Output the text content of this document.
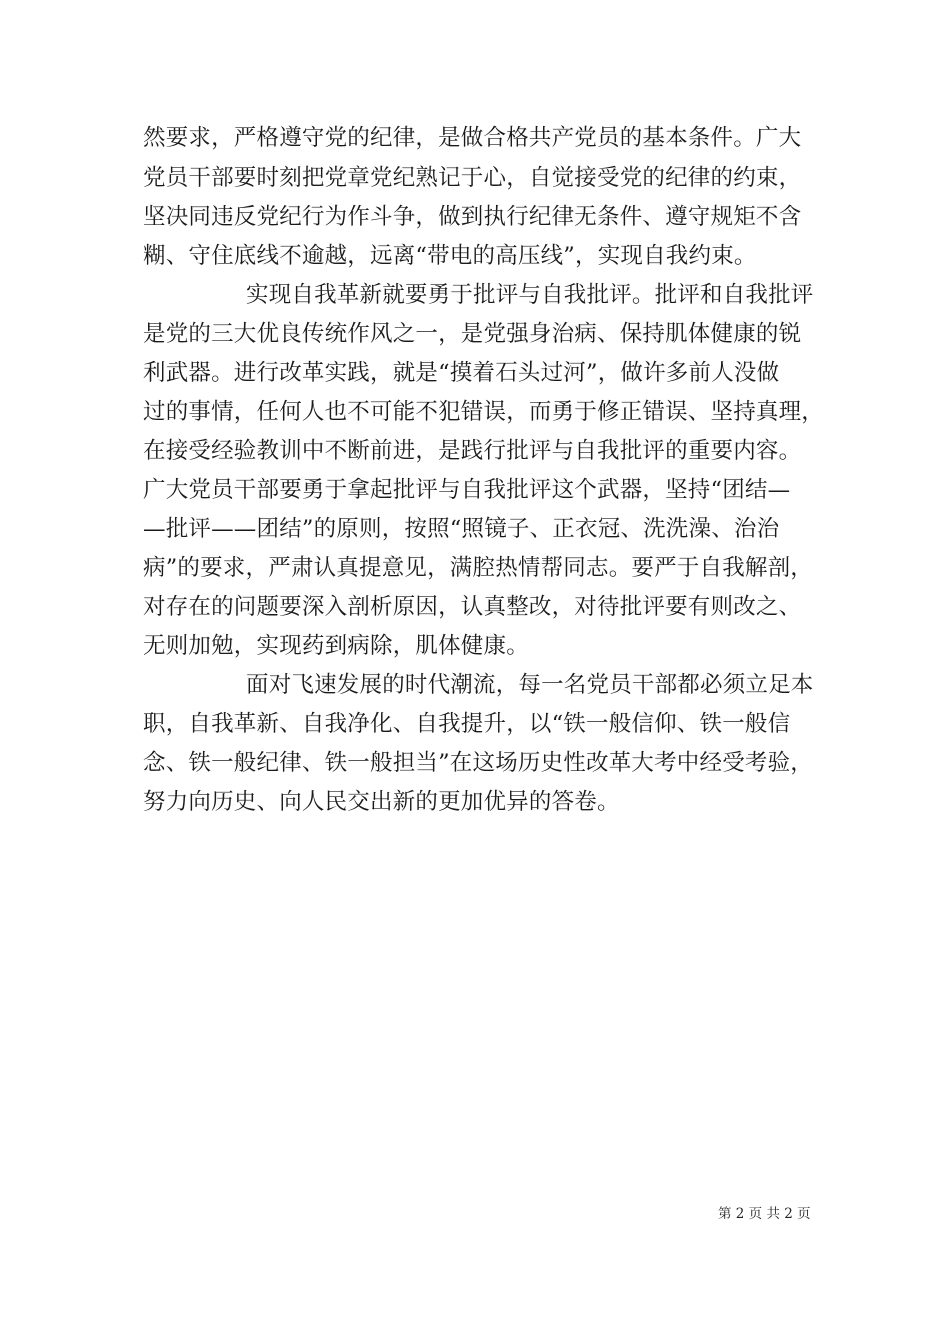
然要求，严格遵守党的纪律，是做合格共产党员的基本条件。广大
党员干部要时刻把党章党纪熟记于心，自觉接受党的纪律的约束，
坚决同违反党纪行为作斗争，做到执行纪律无条件、遵守规矩不含
糊、守住底线不逾越，远离“带电的高压线”，实现自我约束。
实现自我革新就要勇于批评与自我批评。批评和自我批评
是党的三大优良传统作风之一，是党强身治病、保持肌体健康的锐
利武器。进行改革实践，就是“摸着石头过河”，做许多前人没做
过的事情，任何人也不可能不犯错误，而勇于修正错误、坚持真理，
在接受经验教训中不断前进，是践行批评与自我批评的重要内容。
广大党员干部要勇于拿起批评与自我批评这个武器，坚持“团结—
—批评——团结”的原则，按照“照镜子、正衣冠、洗洗澡、治治
病”的要求，严肃认真提意见，满腔热情帮同志。要严于自我解剖，
对存在的问题要深入剖析原因，认真整改，对待批评要有则改之、
无则加勉，实现药到病除，肌体健康。
面对飞速发展的时代潮流，每一名党员干部都必须立足本
职，自我革新、自我净化、自我提升，以“铁一般信仰、铁一般信
念、铁一般纪律、铁一般担当”在这场历史性改革大考中经受考验，
努力向历史、向人民交出新的更加优异的答卷。
第 2 页 共 2 页
